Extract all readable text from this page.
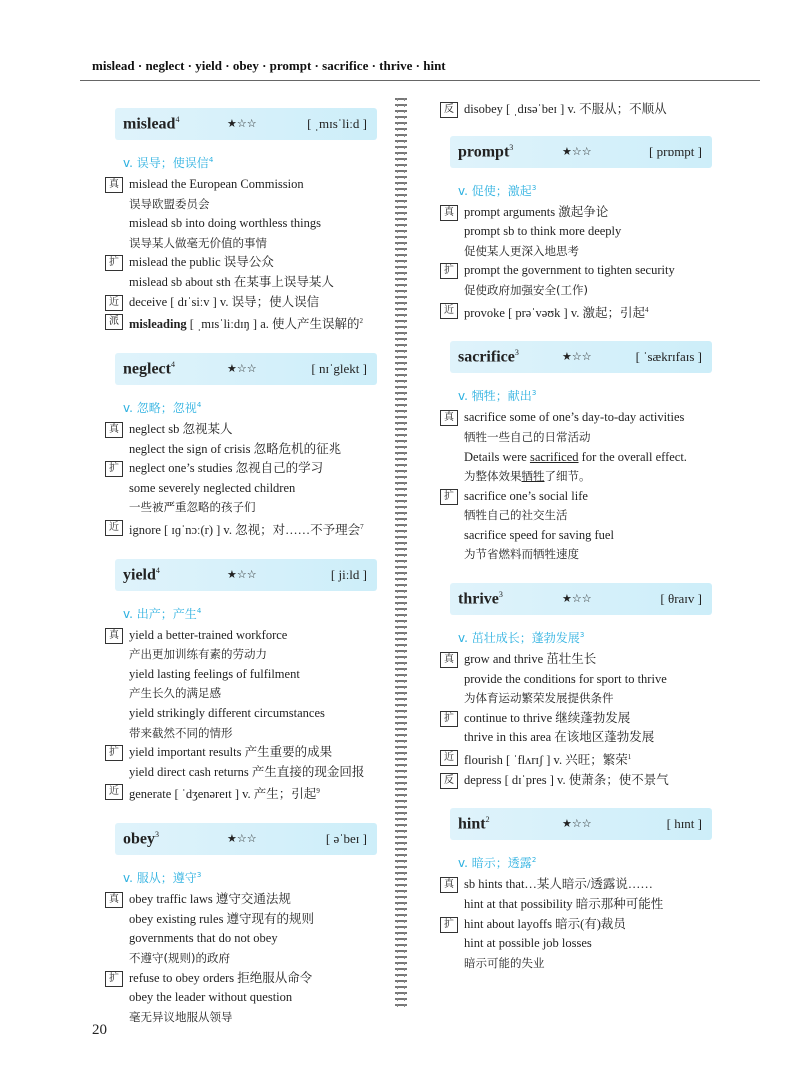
mislead · neglect · yield · obey · prompt · sacrifice · thrive · hint
mislead$^4$	★☆☆	[ ˌmɪsˈliːd ]
v. 误导；使误信$^4$
真 mislead the European Commission
误导欧盟委员会
mislead sb into doing worthless things
误导某人做毫无价值的事情
扩 mislead the public 误导公众
mislead sb about sth 在某事上误导某人
近 deceive [ dɪˈsiːv ] v. 误导；使人误信
派 misleading [ ˌmɪsˈliːdɪŋ ] a. 使人产生误解的$^2$
neglect$^4$	★☆☆	[ nɪˈglekt ]
v. 忽略；忽视$^4$
真 neglect sb 忽视某人
neglect the sign of crisis 忽略危机的征兆
扩 neglect one’s studies 忽视自己的学习
some severely neglected children
一些被严重忽略的孩子们
近 ignore [ ɪɡˈnɔː(r) ] v. 忽视；对……不予理会$^7$
yield$^4$	★☆☆	[ jiːld ]
v. 出产；产生$^4$
真 yield a better-trained workforce
产出更加训练有素的劳动力
yield lasting feelings of fulfilment
产生长久的满足感
yield strikingly different circumstances
带来截然不同的情形
扩 yield important results 产生重要的成果
yield direct cash returns 产生直接的现金回报
近 generate [ ˈdʒenəreɪt ] v. 产生；引起$^9$
obey$^3$	★☆☆	[ əˈbeɪ ]
v. 服从；遵守$^3$
真 obey traffic laws 遵守交通法规
obey existing rules 遵守现有的规则
governments that do not obey
不遵守(规则)的政府
扩 refuse to obey orders 拒绝服从命令
obey the leader without question
毫无异议地服从领导
反 disobey [ ˌdɪsəˈbeɪ ] v. 不服从；不顺从
prompt$^3$	★☆☆	[ prɒmpt ]
v. 促使；激起$^3$
真 prompt arguments 激起争论
prompt sb to think more deeply
促使某人更深入地思考
扩 prompt the government to tighten security
促使政府加强安全(工作)
近 provoke [ prəˈvəʊk ] v. 激起；引起$^4$
sacrifice$^3$	★☆☆	[ ˈsækrɪfaɪs ]
v. 牺牲；献出$^3$
真 sacrifice some of one’s day-to-day activities
牺牲一些自己的日常活动
Details were sacrificed for the overall effect.
为整体效果牺牲了细节。
扩 sacrifice one’s social life
牺牲自己的社交生活
sacrifice speed for saving fuel
为节省燃料而牺牲速度
thrive$^3$	★☆☆	[ θraɪv ]
v. 茁壮成长；蓬勃发展$^3$
真 grow and thrive 茁壮生长
provide the conditions for sport to thrive
为体育运动繁荣发展提供条件
扩 continue to thrive 继续蓬勃发展
thrive in this area 在该地区蓬勃发展
近 flourish [ ˈflʌrɪʃ ] v. 兴旺；繁荣$^1$
反 depress [ dɪˈpres ] v. 使萧条；使不景气
hint$^2$	★☆☆	[ hɪnt ]
v. 暗示；透露$^2$
真 sb hints that…某人暗示/透露说……
hint at that possibility 暗示那种可能性
扩 hint about layoffs 暗示(有)裁员
hint at possible job losses
暗示可能的失业
20
